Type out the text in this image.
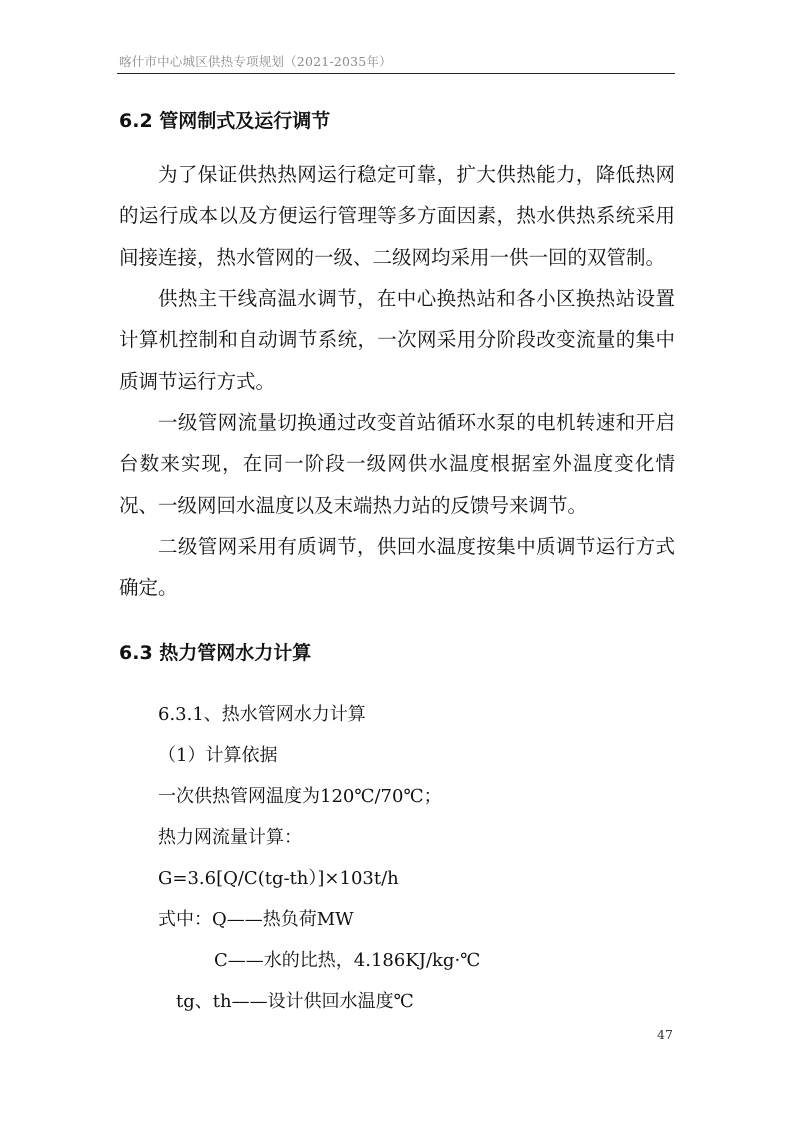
喀什市中心城区供热专项规划（2021-2035年）
6.2 管网制式及运行调节

为了保证供热热网运行稳定可靠，扩大供热能力，降低热网的运行成本以及方便运行管理等多方面因素，热水供热系统采用间接连接，热水管网的一级、二级网均采用一供一回的双管制。

供热主干线高温水调节，在中心换热站和各小区换热站设置计算机控制和自动调节系统，一次网采用分阶段改变流量的集中质调节运行方式。

一级管网流量切换通过改变首站循环水泵的电机转速和开启台数来实现，在同一阶段一级网供水温度根据室外温度变化情况、一级网回水温度以及末端热力站的反馈号来调节。

二级管网采用有质调节，供回水温度按集中质调节运行方式确定。

6.3 热力管网水力计算
6.3.1、热水管网水力计算
（1）计算依据
一次供热管网温度为120℃/70℃；
热力网流量计算：
G=3.6[Q/C(tg-th）]×103t/h
式中：Q——热负荷MW
C——水的比热，4.186KJ/kg·℃
tg、th——设计供回水温度℃
47
